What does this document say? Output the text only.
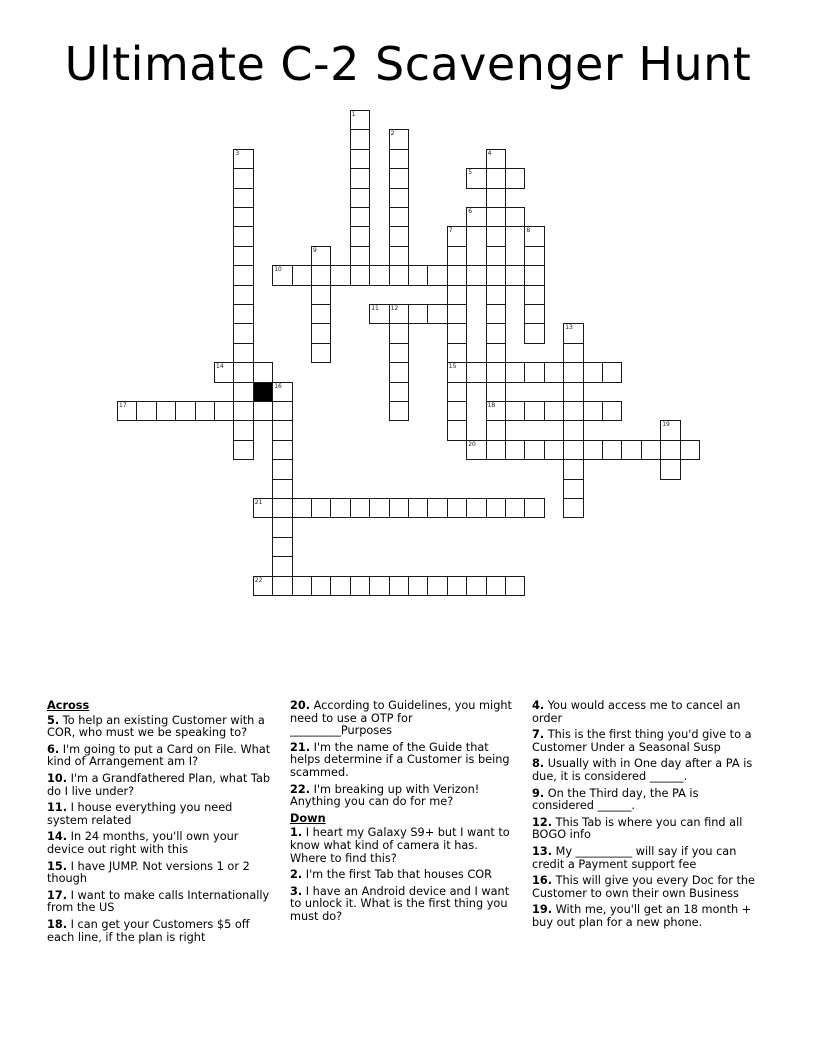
Ultimate C-2 Scavenger Hunt
1
2
3	4
18
5
6
7
15
8
9
10
11 12
13
14
16
17
19
20
21
22
Across
5. To help an existing Customer with a COR, who must we be speaking to?
6. I'm going to put a Card on File. What kind of Arrangement am I?
10. I'm a Grandfathered Plan, what Tab do I live under?
11. I house everything you need system related
14. In 24 months, you'll own your device out right with this
15. I have JUMP. Not versions 1 or 2 though
17. I want to make calls Internationally from the US
18. I can get your Customers $5 off each line, if the plan is right
20. According to Guidelines, you might need to use a OTP for _________Purposes
21. I'm the name of the Guide that helps determine if a Customer is being scammed.
22. I'm breaking up with Verizon! Anything you can do for me?
Down
1. I heart my Galaxy S9+ but I want to know what kind of camera it has. Where to find this?
2. I'm the first Tab that houses COR
3. I have an Android device and I want to unlock it. What is the first thing you must do?
4. You would access me to cancel an order
7. This is the first thing you'd give to a Customer Under a Seasonal Susp
8. Usually with in One day after a PA is due, it is considered ______.
9. On the Third day, the PA is considered ______.
12. This Tab is where you can find all BOGO info
13. My __________ will say if you can credit a Payment support fee
16. This will give you every Doc for the Customer to own their own Business
19. With me, you'll get an 18 month + buy out plan for a new phone.
